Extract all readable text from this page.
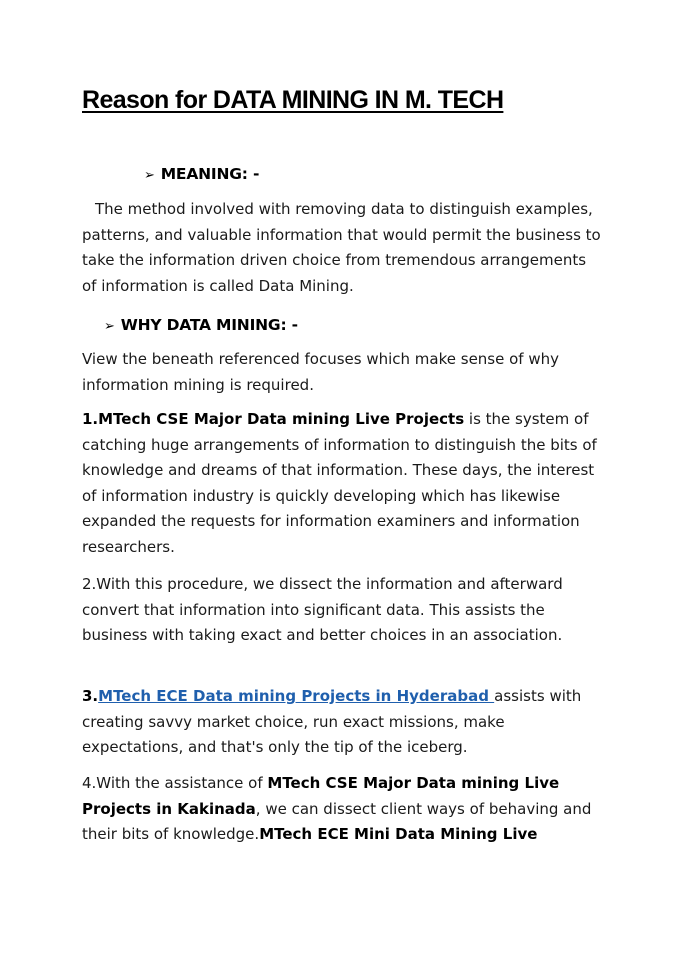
Reason for DATA MINING IN M. TECH
➢ MEANING: -

The method involved with removing data to distinguish examples, patterns, and valuable information that would permit the business to take the information driven choice from tremendous arrangements of information is called Data Mining.

➢ WHY DATA MINING: -

View the beneath referenced focuses which make sense of why information mining is required.

1.MTech CSE Major Data mining Live Projects is the system of catching huge arrangements of information to distinguish the bits of knowledge and dreams of that information. These days, the interest of information industry is quickly developing which has likewise expanded the requests for information examiners and information researchers.

2.With this procedure, we dissect the information and afterward convert that information into significant data. This assists the business with taking exact and better choices in an association.

3.MTech ECE Data mining Projects in Hyderabad assists with creating savvy market choice, run exact missions, make expectations, and that's only the tip of the iceberg.

4.With the assistance of MTech CSE Major Data mining Live Projects in Kakinada, we can dissect client ways of behaving and their bits of knowledge.MTech ECE Mini Data Mining Live
